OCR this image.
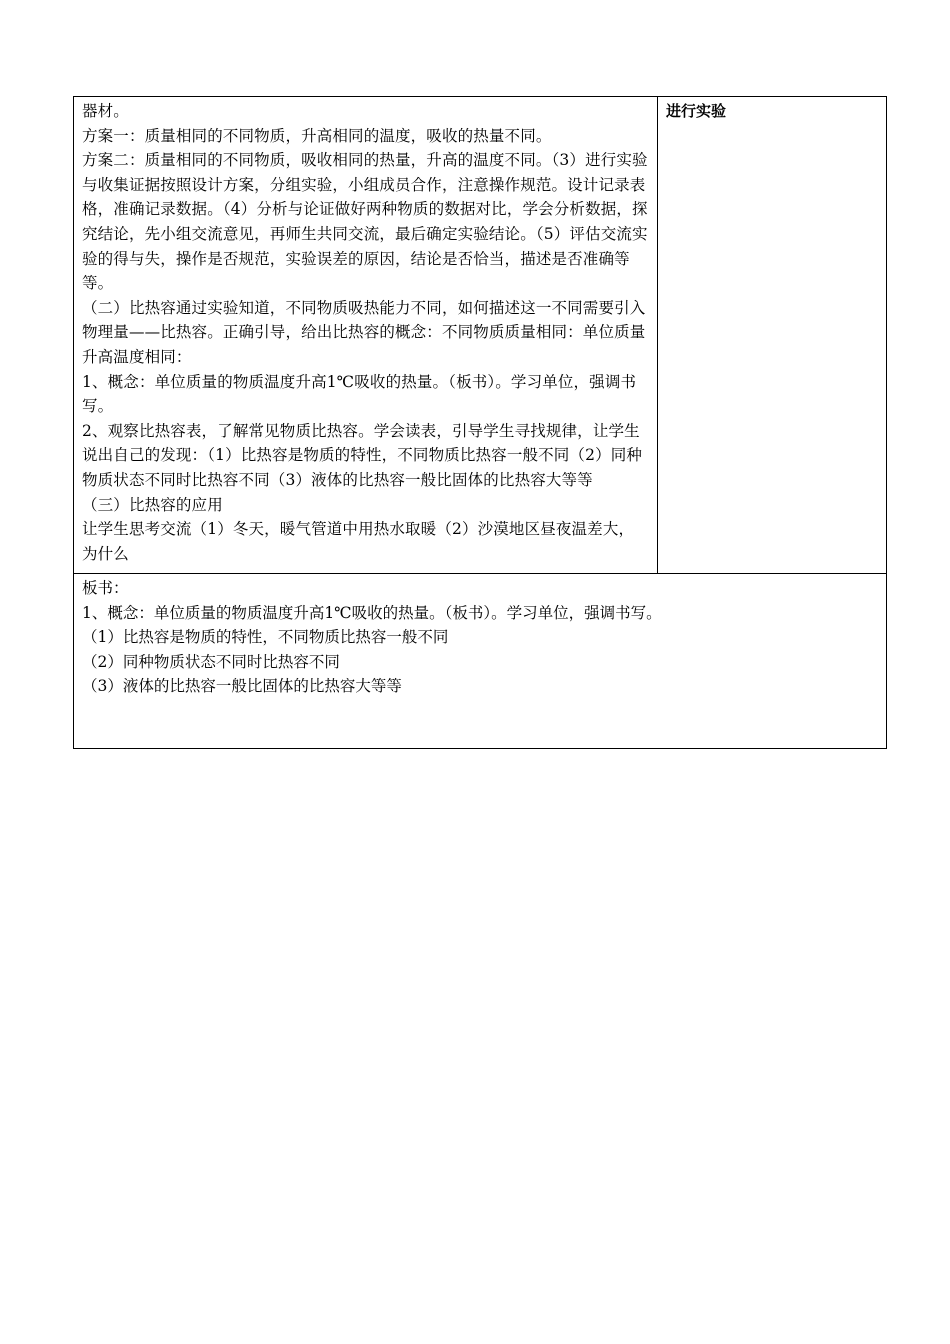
器材。
方案一：质量相同的不同物质，升高相同的温度，吸收的热量不同。
方案二：质量相同的不同物质，吸收相同的热量，升高的温度不同。（3）进行实验与收集证据按照设计方案，分组实验，小组成员合作，注意操作规范。设计记录表格，准确记录数据。（4）分析与论证做好两种物质的数据对比，学会分析数据，探究结论，先小组交流意见，再师生共同交流，最后确定实验结论。（5）评估交流实验的得与失，操作是否规范，实验误差的原因，结论是否恰当，描述是否准确等等。
（二）比热容通过实验知道，不同物质吸热能力不同，如何描述这一不同需要引入物理量——比热容。正确引导，给出比热容的概念：不同物质质量相同：单位质量升高温度相同：
1、概念：单位质量的物质温度升高1℃吸收的热量。（板书）。学习单位，强调书写。
2、观察比热容表，了解常见物质比热容。学会读表，引导学生寻找规律，让学生说出自己的发现：（1）比热容是物质的特性，不同物质比热容一般不同（2）同种物质状态不同时比热容不同（3）液体的比热容一般比固体的比热容大等等
（三）比热容的应用
让学生思考交流（1）冬天，暖气管道中用热水取暖（2）沙漠地区昼夜温差大，为什么

进行实验

板书：
1、概念：单位质量的物质温度升高1℃吸收的热量。（板书）。学习单位，强调书写。
（1）比热容是物质的特性，不同物质比热容一般不同
（2）同种物质状态不同时比热容不同
（3）液体的比热容一般比固体的比热容大等等
